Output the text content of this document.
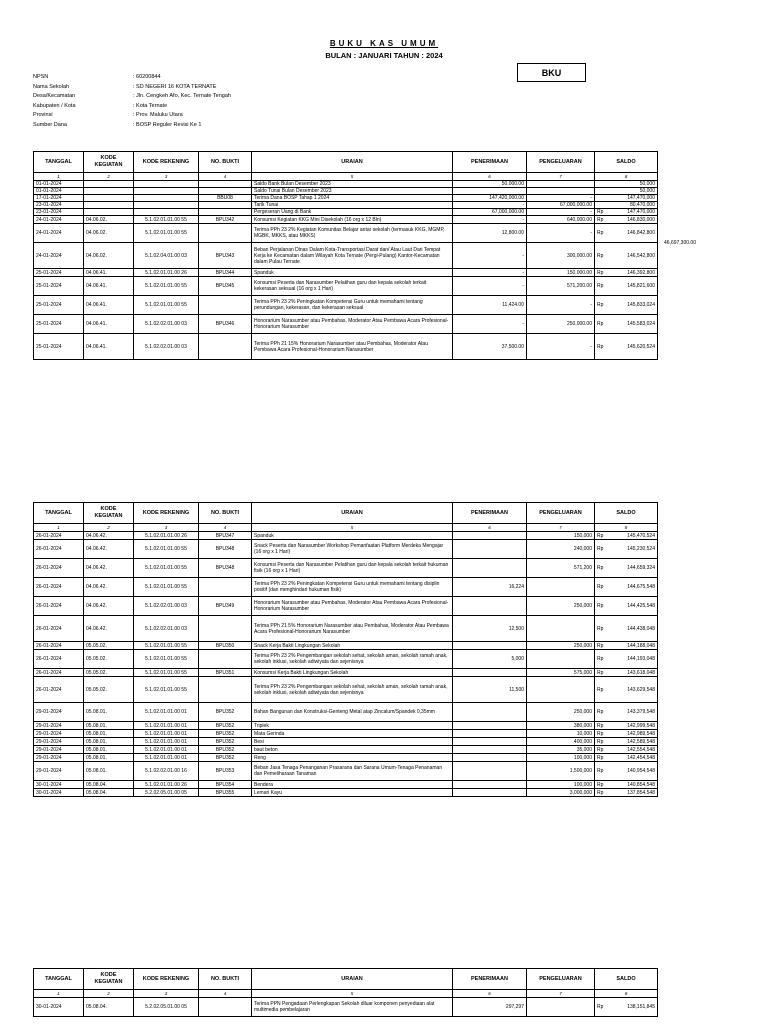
BUKU KAS UMUM
BULAN : JANUARI TAHUN : 2024
BKU
NPSN	: 60200844
Nama Sekolah	: SD NEGERI 16 KOTA TERNATE
Desa/Kecamatan	: Jln. Cengkeh Afo, Kec. Ternate Tengah
Kabupaten / Kota	: Kota Ternate
Provinsi	: Prov. Maluku Utara
Sumber Dana	: BOSP Reguler Revisi Ke 1
46,697,300.00
TANGGAL	KODE KEGIATAN	KODE REKENING	NO. BUKTI	URAIAN	PENERIMAAN	PENGELUARAN	SALDO
1	2	3	4	5	6	7	8
01-01-2024				Saldo Bank Bulan Desember 2023	50,000.00		50,000

01-01-2024				Saldo Tunai Bulan Desember 2023			50,000

17-01-2024			BBU08	Terima Dana BOSP Tahap 1 2024	147,420,000.00	-	147,470,000

23-01-2024				Tarik Tunai	-	67,000,000.00	80,470,000

23-01-2024				Pergeseran Uang di Bank	67,000,000.00	-	Rp 147,470,000

24-01-2024	04.06.02.	5.1.02.01.01.00 55	BPU342	Konsumsi Kegiatan KKG Mini Disekolah (16 org x 12 Bln)	-	640,000.00	Rp 146,830,000

24-01-2024	04.06.02.	5.1.02.01.01.00 55		Terima PPh 23 2% Kegiatan Komunitas Belajar antar sekolah (termasuk KKG, MGMP, MGBK, MKKS, atau MKKS)	12,800.00	-	Rp 146,842,800

24-01-2024	04.06.02.	5.1.02.04.01.00 03	BPU343	Beban Perjalanan Dinas Dalam Kota-Transportasi Darat dan/ Atau Laut Dari Tempat Kerja ke Kecamatan dalam Wilayah Kota Ternate (Pergi-Pulang) Kantor-Kecamatan dalam Pulau Ternate	-	300,000.00	Rp 146,542,800

25-01-2024	04.06.41.	5.1.02.01.01.00 26	BPU344	Spanduk	-	150,000.00	Rp 146,392,800

25-01-2024	04.06.41.	5.1.02.01.01.00 55	BPU345	Konsumsi Peserta dan Narasumber Pelatihan guru dan kepala sekolah terkait kekerasan seksual (16 org x 1 Hari)	-	571,200.00	Rp 145,821,600

25-01-2024	04.06.41.	5.1.02.01.01.00 55		Terima PPh 23 2% Peningkatan Kompetensi Guru untuk memahami tentang perundungan, kekerasan, dan kekerasan seksual	11,424.00	-	Rp 145,833,024

25-01-2024	04.06.41.	5.1.02.02.01.00 03	BPU346	Honorarium Narasumber atau Pembahas, Moderator Atau Pembawa Acara Profesional-Honorarium Narasumber	-	250,000.00	Rp 145,583,024

25-01-2024	04.06.41.	5.1.02.02.01.00 03		Terima PPh 21 15% Honorarium Narasumber atau Pembahas, Moderator Atau Pembawa Acara Profesional-Honorarium Narasumber	37,500.00	-	Rp 145,620,524
TANGGAL	KODE KEGIATAN	KODE REKENING	NO. BUKTI	URAIAN	PENERIMAAN	PENGELUARAN	SALDO
1	2	3	4	5	6	7	8
26-01-2024	04.06.42.	5.1.02.01.01.00 26	BPU347	Spanduk		150,000	Rp 145,470,524

26-01-2024	04.06.42.	5.1.02.01.01.00 55	BPU348	Snack Peserta dan Narasumber Workshop Pemanfaatan Platform Merdeka Mengajar (16 org x 1 Hari)		240,000	Rp 145,230,524

26-01-2024	04.06.42.	5.1.02.01.01.00 55	BPU348	Konsumsi Peserta dan Narasumber Pelatihan guru dan kepala sekolah terkait hukuman fisik (16 org x 1 Hari)		571,200	Rp 144,659,324

26-01-2024	04.06.42.	5.1.02.01.01.00 55		Terima PPh 23 2% Peningkatan Kompetensi Guru untuk memahami tentang disiplin positif (dan menghindari hukuman fisik)	16,224		Rp 144,675,548

26-01-2024	04.06.42.	5.1.02.02.01.00 03	BPU349	Honorarium Narasumber atau Pembahas, Moderator Atau Pembawa Acara Profesional-Honorarium Narasumber		250,000	Rp 144,425,548

26-01-2024	04.06.42.	5.1.02.02.01.00 03		Terima PPh 21 5% Honorarium Narasumber atau Pembahas, Moderator Atau Pembawa Acara Profesional-Honorarium Narasumber	12,500		Rp 144,438,048

26-01-2024	05.05.02.	5.1.02.01.01.00 55	BPU350	Snack Kerja Bakti Lingkungan Sekolah		250,000	Rp 144,188,048

26-01-2024	05.05.02.	5.1.02.01.01.00 55		Terima PPh 23 2% Pengembangan sekolah sehat, sekolah aman, sekolah ramah anak, sekolah inklusi, sekolah adiwiyata dan sejenisnya	5,000		Rp 144,193,048

26-01-2024	05.05.02.	5.1.02.01.01.00 55	BPU351	Konsumsi Kerja Bakti Lingkungan Sekolah		575,000	Rp 143,618,048

26-01-2024	05.05.02.	5.1.02.01.01.00 55		Terima PPh 23 2% Pengembangan sekolah sehat, sekolah aman, sekolah ramah anak, sekolah inklusi, sekolah adiwiyata dan sejenisnya	11,500		Rp 143,629,548

29-01-2024	05.08.01.	5.1.02.01.01.00 01	BPU352	Bahan Bangunan dan Konstruksi-Genteng Metal atap Zincalum/Spandek 0,35mm		250,000	Rp 143,379,548

29-01-2024	05.08.01.	5.1.02.01.01.00 01	BPU352	Triplek		380,000	Rp 142,999,548

29-01-2024	05.08.01.	5.1.02.01.01.00 01	BPU352	Mata Gerinda		10,000	Rp 142,989,548

29-01-2024	05.08.01.	5.1.02.01.01.00 01	BPU352	Besi		400,000	Rp 142,589,548

29-01-2024	05.08.01.	5.1.02.01.01.00 01	BPU352	baut beton		35,000	Rp 142,554,548

29-01-2024	05.08.01.	5.1.02.01.01.00 01	BPU352	Reng		100,000	Rp 142,454,548

29-01-2024	05.08.01.	5.1.02.02.01.00 16	BPU353	Beban Jasa Tenaga Penanganan Prasarana dan Sarana Umum-Tenaga Penanaman dan Pemeliharaan Tanaman		1,500,000	Rp 140,954,548

30-01-2024	05.08.04.	5.1.02.01.01.00 26	BPU354	Bendera		100,000	Rp 140,854,548

30-01-2024	05.08.04.	5.2.02.05.01.00 05	BPU355	Lemari Kayu		3,000,000	Rp 137,854,548
TANGGAL	KODE KEGIATAN	KODE REKENING	NO. BUKTI	URAIAN	PENERIMAAN	PENGELUARAN	SALDO
1	2	3	4	5	6	7	8
30-01-2024	05.08.04.	5.2.02.05.01.00 05		Terima PPN Pengadaan Perlengkapan Sekolah diluar komponen penyediaan alat multimedia pembelajaran	297,297		Rp 138,151,845
